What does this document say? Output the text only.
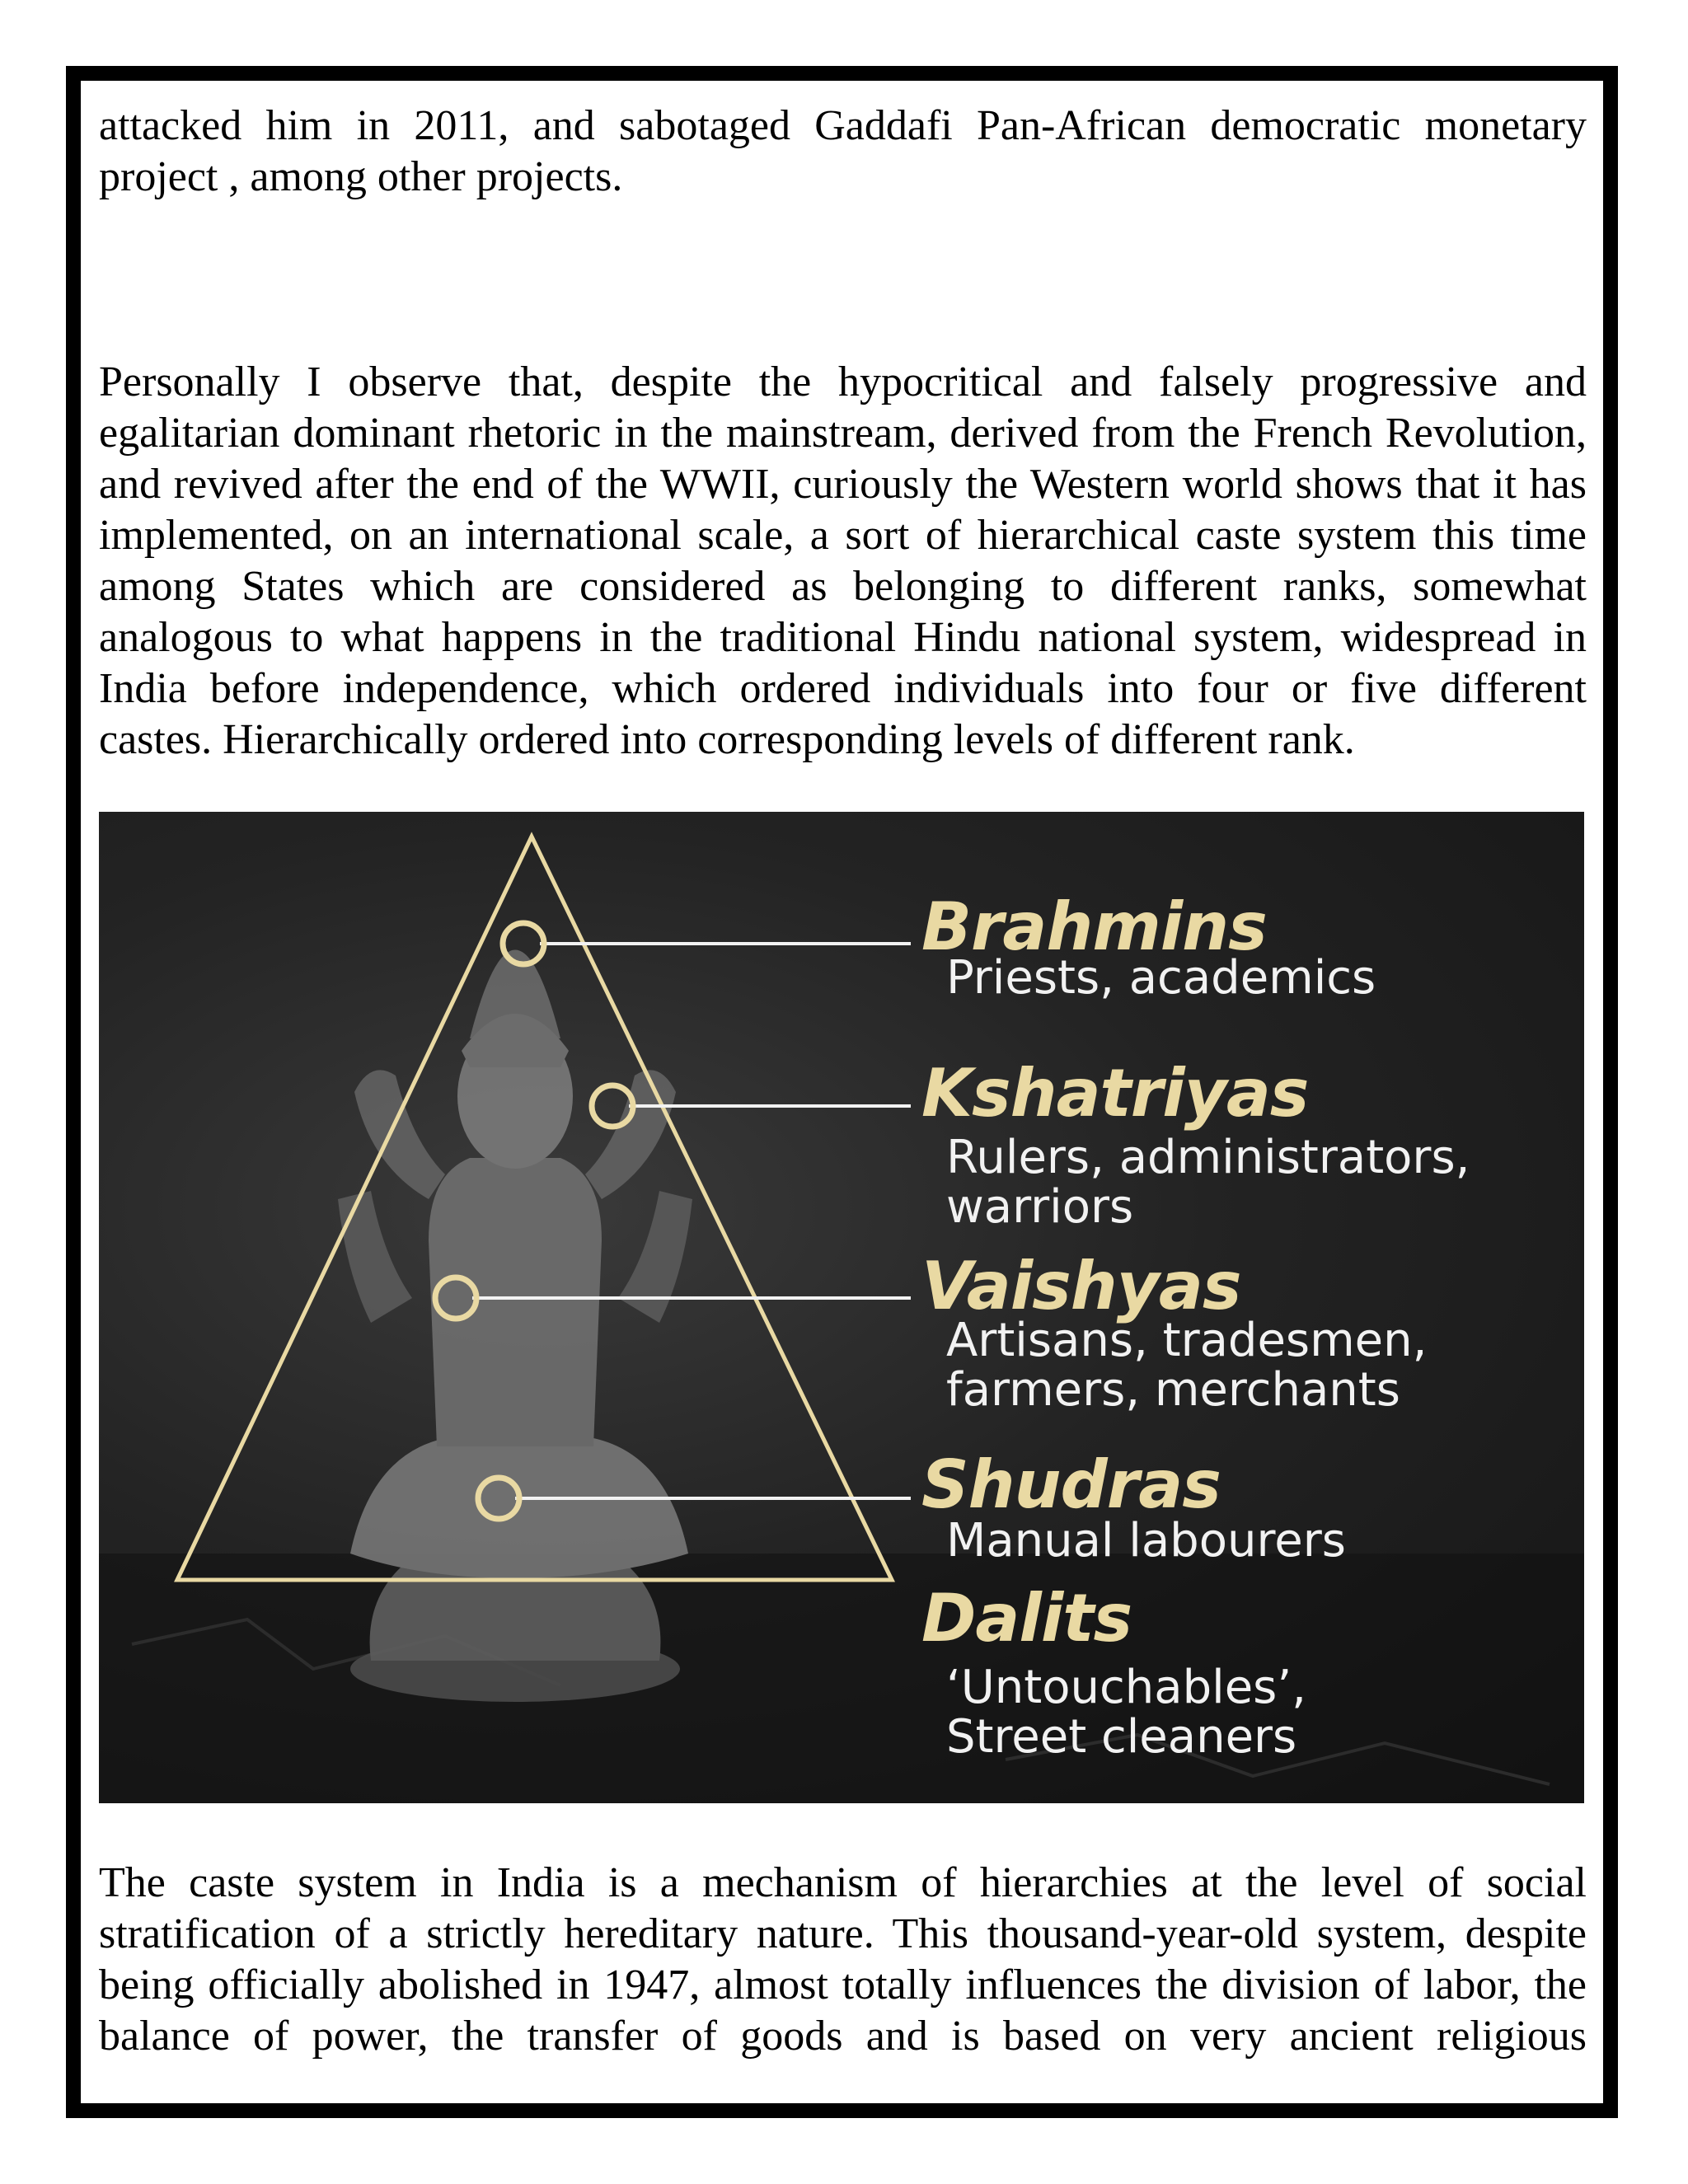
attacked him in 2011, and sabotaged Gaddafi Pan-African democratic monetary project , among other projects.

Personally I observe that, despite the hypocritical and falsely progressive and egalitarian dominant rhetoric in the mainstream, derived from the French Revolution, and revived after the end of the WWII, curiously the Western world shows that it has implemented, on an international scale, a sort of hierarchical caste system this time among States which are considered as belonging to different ranks, somewhat analogous to what happens in the traditional Hindu national system, widespread in India before independence, which ordered individuals into four or five different castes. Hierarchically ordered into corresponding levels of different rank.

Brahmins

Priests, academics

Kshatriyas

Rulers, administrators,
warriors

Vaishyas

Artisans, tradesmen,
farmers, merchants

Shudras

Manual labourers

Dalits

‘Untouchables’,
Street cleaners

The caste system in India is a mechanism of hierarchies at the level of social stratification of a strictly hereditary nature. This thousand-year-old system, despite being officially abolished in 1947, almost totally influences the division of labor, the balance of power, the transfer of goods and is based on very ancient religious
